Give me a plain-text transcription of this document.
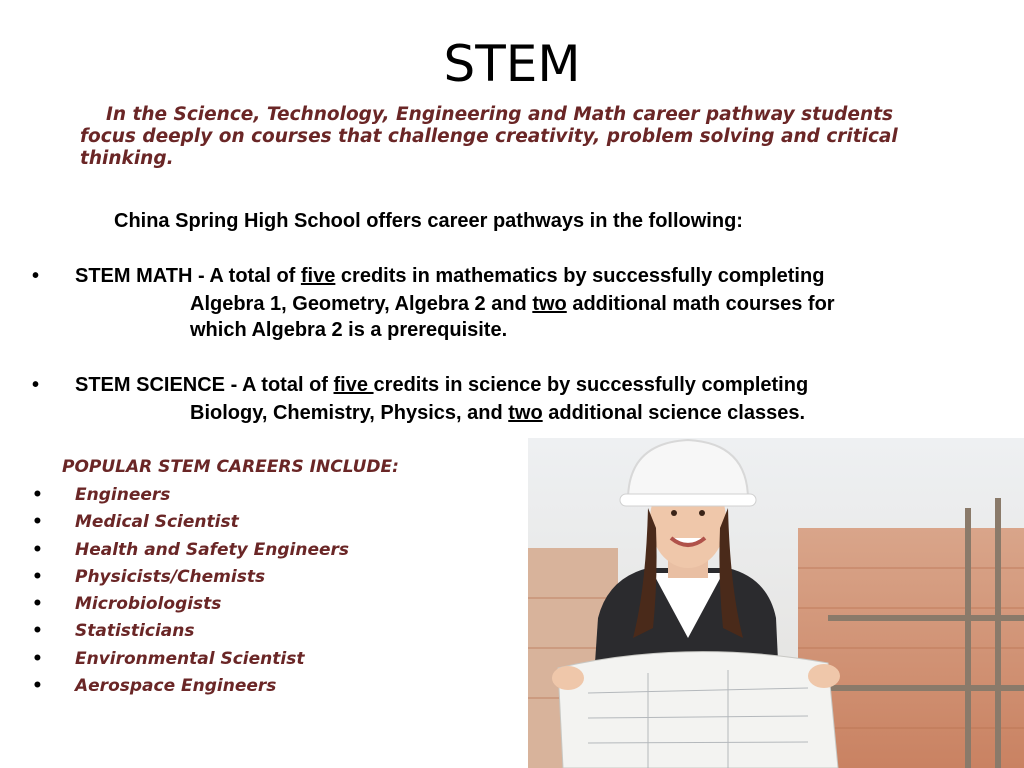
STEM
In the Science, Technology, Engineering and Math career pathway students focus deeply on courses that challenge creativity, problem solving and critical thinking.
China Spring High School offers career pathways in the following:
• STEM MATH - A total of five credits in mathematics by successfully completing
Algebra 1, Geometry, Algebra 2 and two additional math courses for
which Algebra 2 is a prerequisite.
• STEM SCIENCE - A total of five credits in science by successfully completing
Biology, Chemistry, Physics, and two additional science classes.
POPULAR STEM CAREERS INCLUDE:
• Engineers
• Medical Scientist
• Health and Safety Engineers
• Physicists/Chemists
• Microbiologists
• Statisticians
• Environmental Scientist
• Aerospace Engineers
